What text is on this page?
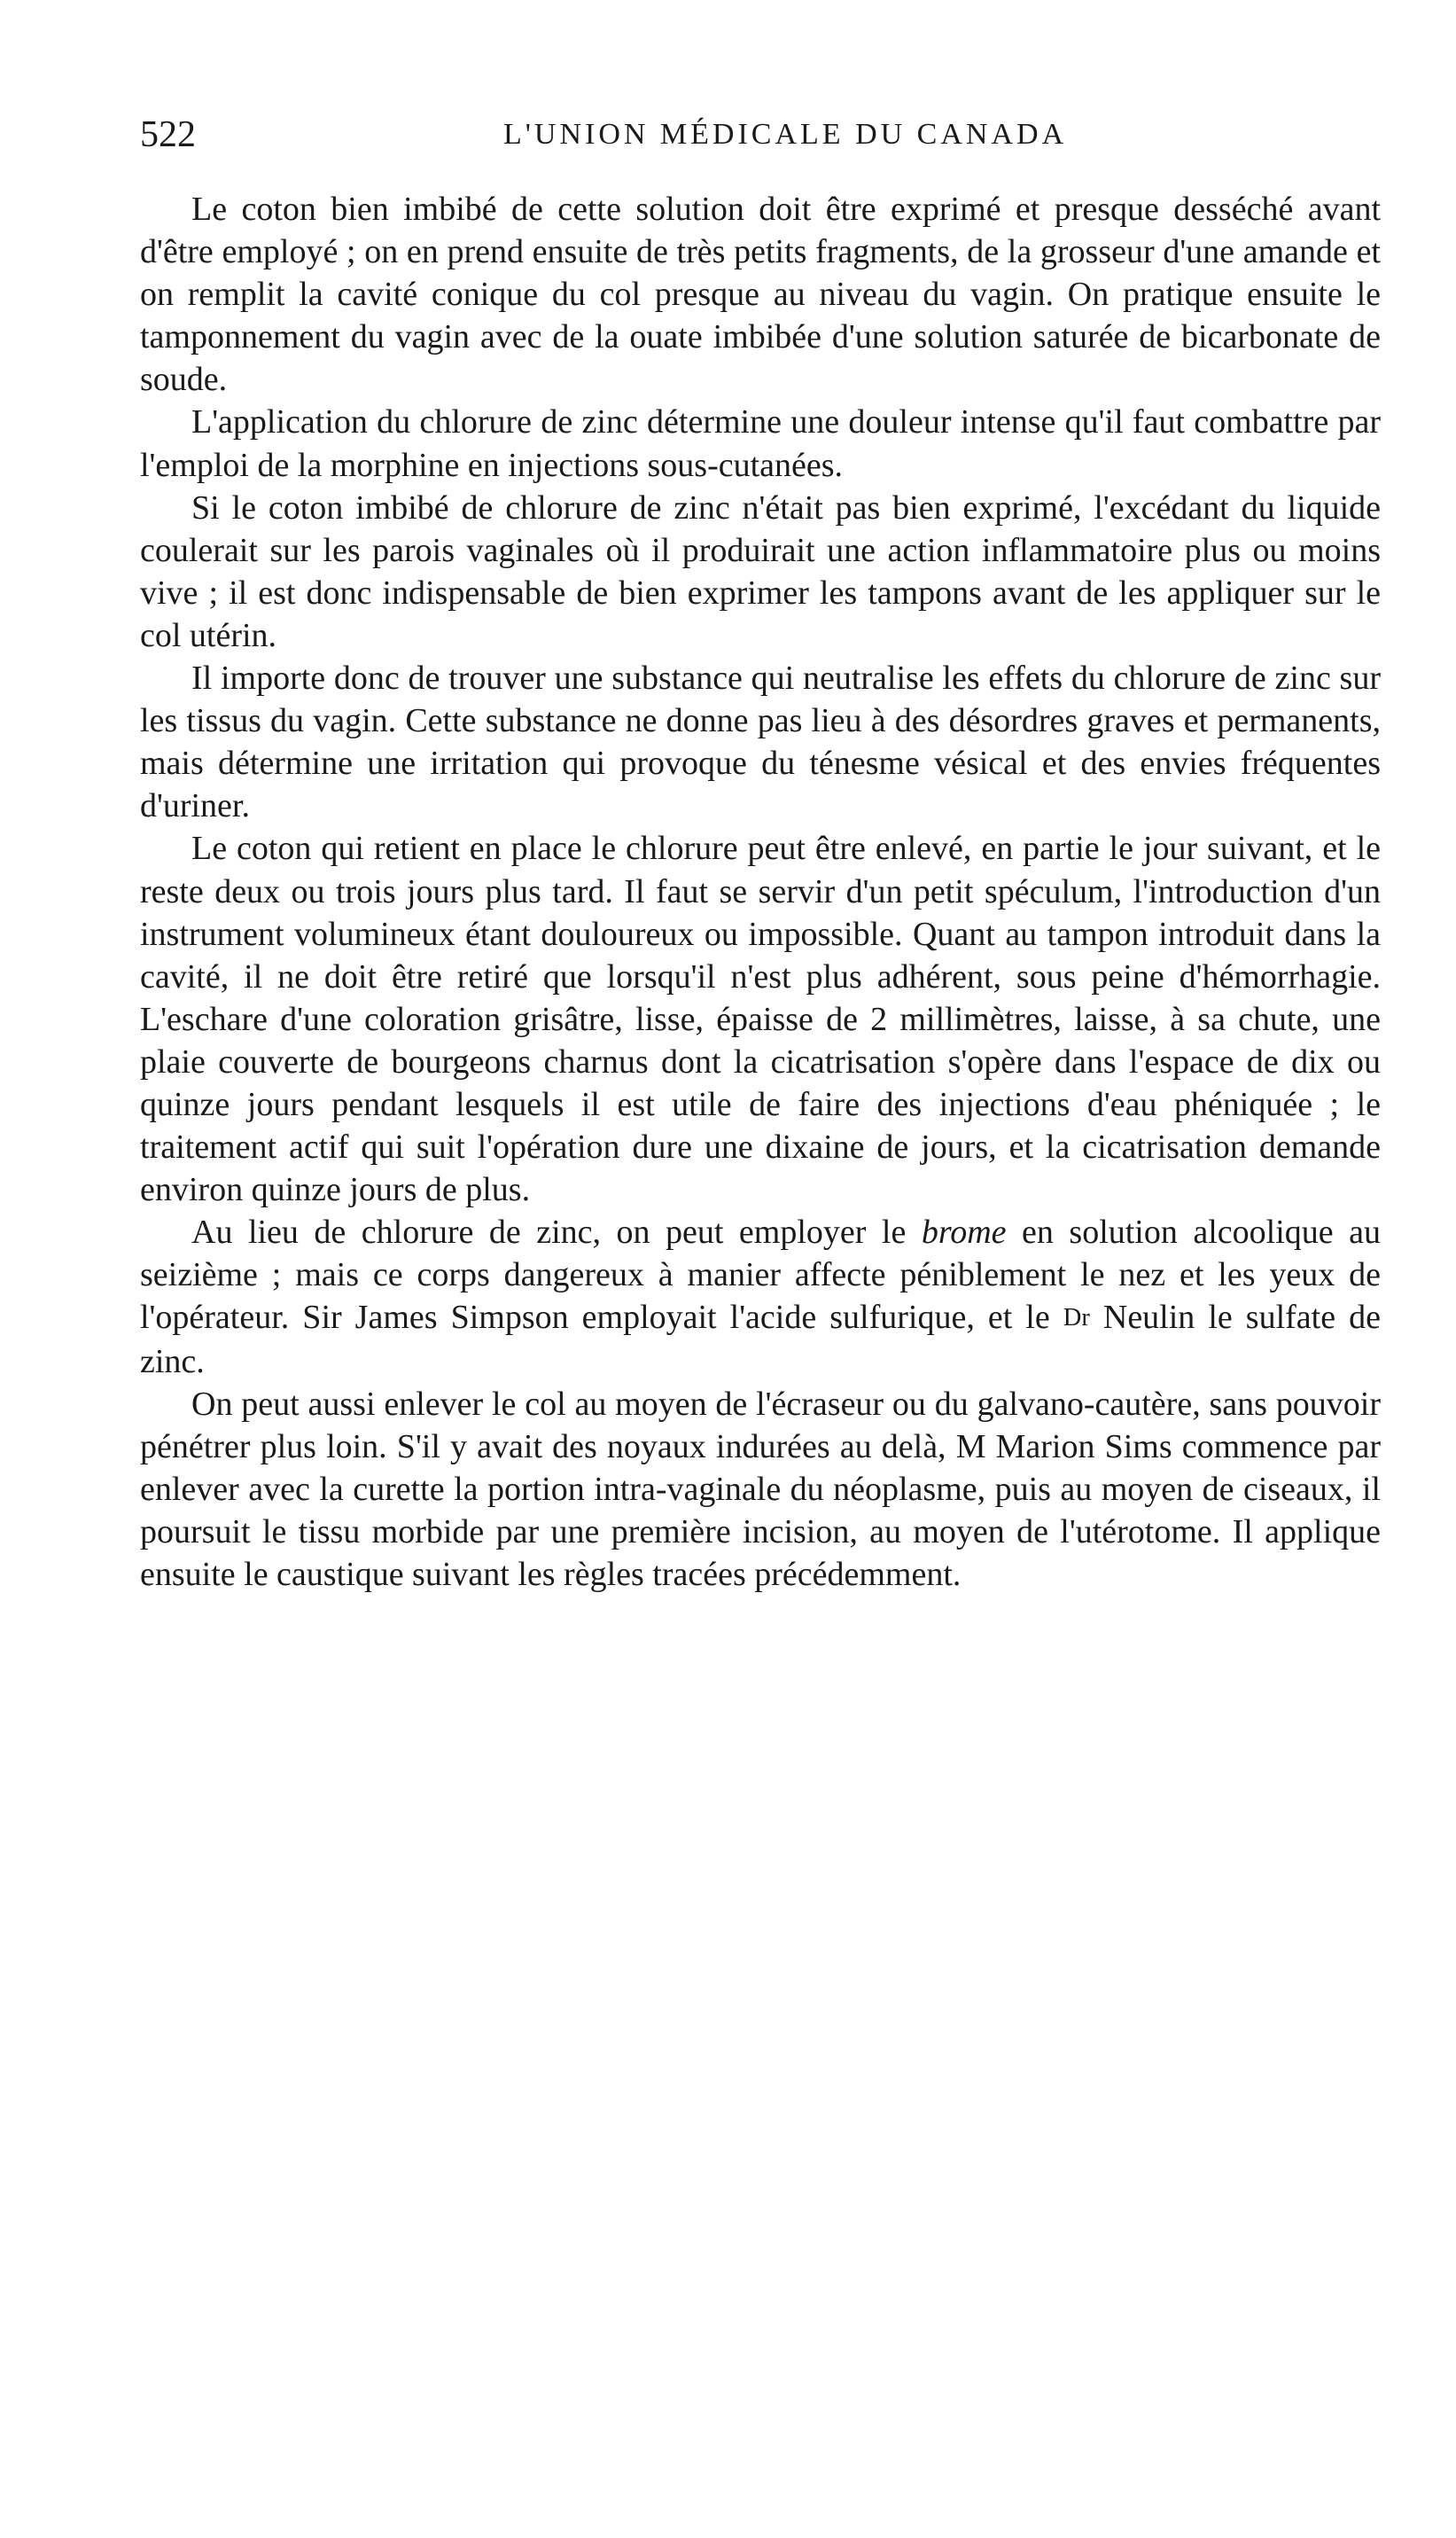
522	L'UNION MÉDICALE DU CANADA

Le coton bien imbibé de cette solution doit être exprimé et presque desséché avant d'être employé ; on en prend ensuite de très petits fragments, de la grosseur d'une amande et on remplit la cavité conique du col presque au niveau du vagin. On pratique ensuite le tamponnement du vagin avec de la ouate imbibée d'une solution saturée de bicarbonate de soude.

L'application du chlorure de zinc détermine une douleur intense qu'il faut combattre par l'emploi de la morphine en injections sous-cutanées.

Si le coton imbibé de chlorure de zinc n'était pas bien exprimé, l'excédant du liquide coulerait sur les parois vaginales où il produirait une action inflammatoire plus ou moins vive ; il est donc indispensable de bien exprimer les tampons avant de les appliquer sur le col utérin.

Il importe donc de trouver une substance qui neutralise les effets du chlorure de zinc sur les tissus du vagin. Cette substance ne donne pas lieu à des désordres graves et permanents, mais détermine une irritation qui provoque du ténesme vésical et des envies fréquentes d'uriner.

Le coton qui retient en place le chlorure peut être enlevé, en partie le jour suivant, et le reste deux ou trois jours plus tard. Il faut se servir d'un petit spéculum, l'introduction d'un instrument volumineux étant douloureux ou impossible. Quant au tampon introduit dans la cavité, il ne doit être retiré que lorsqu'il n'est plus adhérent, sous peine d'hémorrhagie. L'eschare d'une coloration grisâtre, lisse, épaisse de 2 millimètres, laisse, à sa chute, une plaie couverte de bourgeons charnus dont la cicatrisation s'opère dans l'espace de dix ou quinze jours pendant lesquels il est utile de faire des injections d'eau phéniquée ; le traitement actif qui suit l'opération dure une dixaine de jours, et la cicatrisation demande environ quinze jours de plus.

Au lieu de chlorure de zinc, on peut employer le brome en solution alcoolique au seizième ; mais ce corps dangereux à manier affecte péniblement le nez et les yeux de l'opérateur. Sir James Simpson employait l'acide sulfurique, et le Dr Neulin le sulfate de zinc.

On peut aussi enlever le col au moyen de l'écraseur ou du galvano-cautère, sans pouvoir pénétrer plus loin. S'il y avait des noyaux indurées au delà, M Marion Sims commence par enlever avec la curette la portion intra-vaginale du néoplasme, puis au moyen de ciseaux, il poursuit le tissu morbide par une première incision, au moyen de l'utérotome. Il applique ensuite le caustique suivant les règles tracées précédemment.
